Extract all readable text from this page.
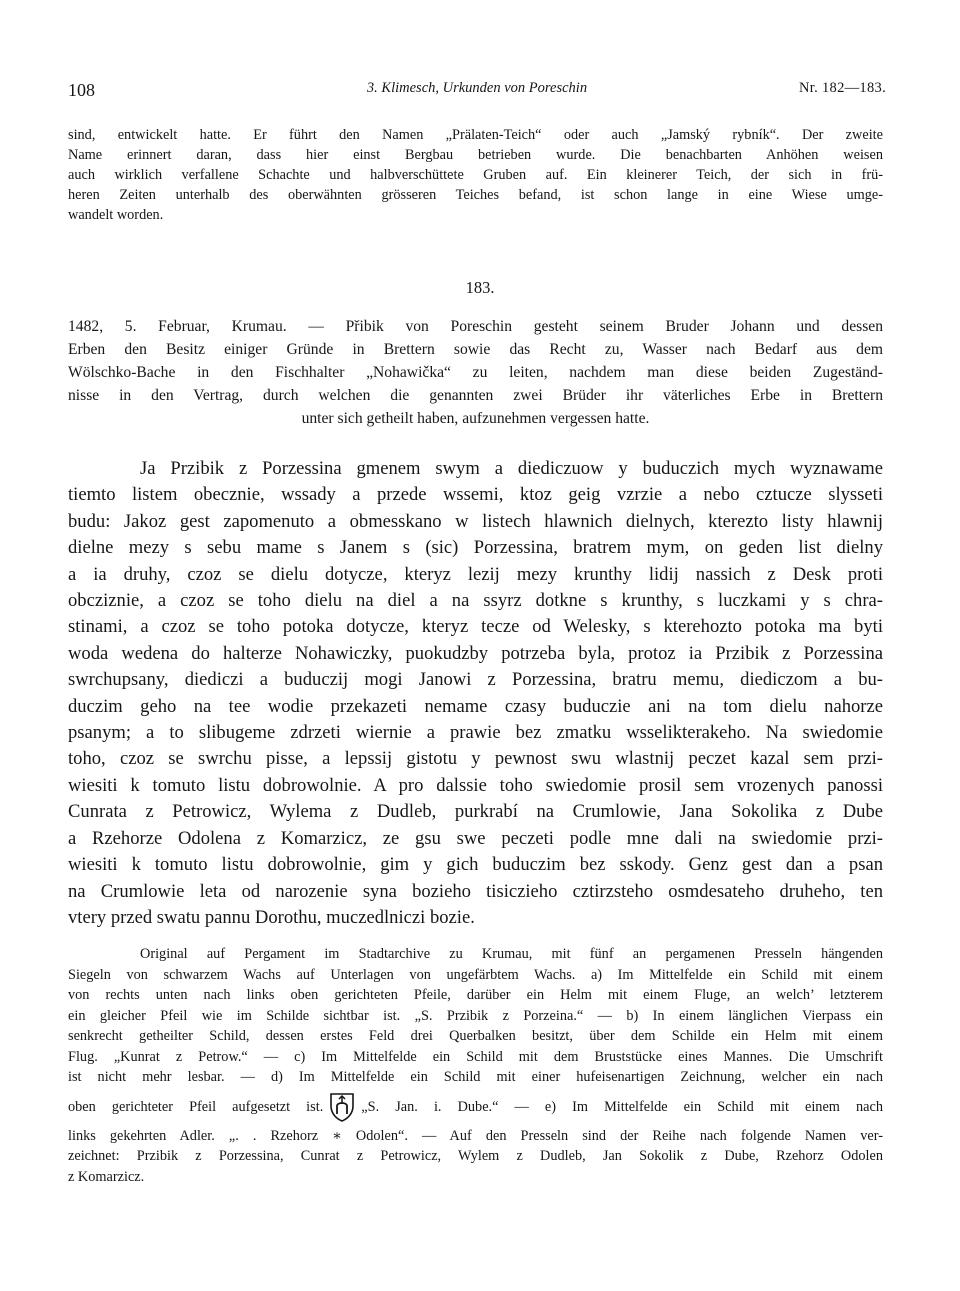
108	3. Klimesch, Urkunden von Poreschin	Nr. 182—183.

sind, entwickelt hatte. Er führt den Namen „Prälaten-Teich“ oder auch „Jamský rybník“. Der zweite
Name erinnert daran, dass hier einst Bergbau betrieben wurde. Die benachbarten Anhöhen weisen
auch wirklich verfallene Schachte und halbverschüttete Gruben auf. Ein kleinerer Teich, der sich in frü-
heren Zeiten unterhalb des oberwähnten grösseren Teiches befand, ist schon lange in eine Wiese umge-
wandelt worden.

183.

1482, 5. Februar, Krumau. — Přibik von Poreschin gesteht seinem Bruder Johann und dessen
Erben den Besitz einiger Gründe in Brettern sowie das Recht zu, Wasser nach Bedarf aus dem
Wölschko-Bache in den Fischhalter „Nohawička“ zu leiten, nachdem man diese beiden Zugeständ-
nisse in den Vertrag, durch welchen die genannten zwei Brüder ihr väterliches Erbe in Brettern
unter sich getheilt haben, aufzunehmen vergessen hatte.

Ja Przibik z Porzessina gmenem swym a diediczuow y buduczich mych wyznawame
tiemto listem obecznie, wssady a przede wssemi, ktoz geig vzrzie a nebo cztucze slysseti
budu: Jakoz gest zapomenuto a obmesskano w listech hlawnich dielnych, kterezto listy hlawnij
dielne mezy s sebu mame s Janem s (sic) Porzessina, bratrem mym, on geden list dielny
a ia druhy, czoz se dielu dotycze, kteryz lezij mezy krunthy lidij nassich z Desk proti
obcziznie, a czoz se toho dielu na diel a na ssyrz dotkne s krunthy, s luczkami y s chra-
stinami, a czoz se toho potoka dotycze, kteryz tecze od Welesky, s kterehozto potoka ma byti
woda wedena do halterze Nohawiczky, puokudzby potrzeba byla, protoz ia Przibik z Porzessina
swrchupsany, diediczi a buduczij mogi Janowi z Porzessina, bratru memu, diediczom a bu-
duczim geho na tee wodie przekazeti nemame czasy buduczie ani na tom dielu nahorze
psanym; a to slibugeme zdrzeti wiernie a prawie bez zmatku wsselikterakeho. Na swiedomie
toho, czoz se swrchu pisse, a lepssij gistotu y pewnost swu wlastnij peczet kazal sem przi-
wiesiti k tomuto listu dobrowolnie. A pro dalssie toho swiedomie prosil sem vrozenych panossi
Cunrata z Petrowicz, Wylema z Dudleb, purkrabí na Crumlowie, Jana Sokolika z Dube
a Rzehorze Odolena z Komarzicz, ze gsu swe peczeti podle mne dali na swiedomie przi-
wiesiti k tomuto listu dobrowolnie, gim y gich buduczim bez sskody. Genz gest dan a psan
na Crumlowie leta od narozenie syna bozieho tisiczieho cztirzsteho osmdesateho druheho, ten
vtery przed swatu pannu Dorothu, muczedlniczi bozie.

Original auf Pergament im Stadtarchive zu Krumau, mit fünf an pergamenen Presseln hängenden
Siegeln von schwarzem Wachs auf Unterlagen von ungefärbtem Wachs. a) Im Mittelfelde ein Schild mit einem
von rechts unten nach links oben gerichteten Pfeile, darüber ein Helm mit einem Fluge, an welch’ letzterem
ein gleicher Pfeil wie im Schilde sichtbar ist. „S. Przibik z Porzeina.“ — b) In einem länglichen Vierpass ein
senkrecht getheilter Schild, dessen erstes Feld drei Querbalken besitzt, über dem Schilde ein Helm mit einem
Flug. „Kunrat z Petrow.“ — c) Im Mittelfelde ein Schild mit dem Bruststücke eines Mannes. Die Umschrift
ist nicht mehr lesbar. — d) Im Mittelfelde ein Schild mit einer hufeisenartigen Zeichnung, welcher ein nach
oben gerichteter Pfeil aufgesetzt ist.	„S. Jan. i. Dube.“ — e) Im Mittelfelde ein Schild mit einem nach
links gekehrten Adler. „. . Rzehorz ∗ Odolen“. — Auf den Presseln sind der Reihe nach folgende Namen ver-
zeichnet: Przibik z Porzessina, Cunrat z Petrowicz, Wylem z Dudleb, Jan Sokolik z Dube, Rzehorz Odolen
z Komarzicz.
